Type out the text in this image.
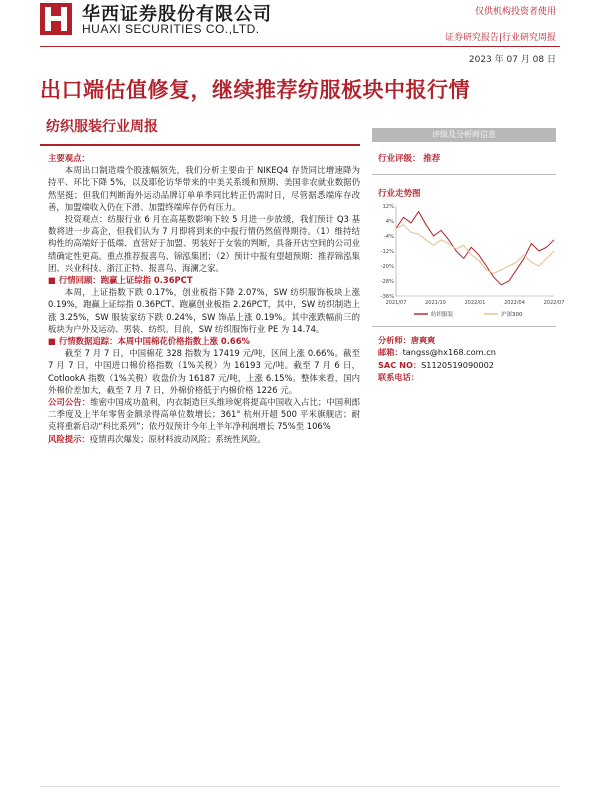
华西证券股份有限公司
HUAXI SECURITIES CO.,LTD.
仅供机构投资者使用
证券研究报告|行业研究周报
2023 年 07 月 08 日
出口端估值修复，继续推荐纺服板块中报行情
纺织服装行业周报

主要观点：

本周出口制造端个股涨幅领先，我们分析主要由于 NIKEQ4 存货同比增速降为持平、环比下降 5%，以及耶伦访华带来的中美关系缓和预期、美国非农就业数据仍然坚挺；但我们判断海外运动品牌订单单季同比转正仍需时日，尽管据悉端库存改善，加盟端收入仍在下滑、加盟终端库存仍有压力。

投资观点：纺服行业 6 月在高基数影响下较 5 月进一步放缓，我们预计 Q3 基数将进一步高企，但我们认为 7 月即将到来的中报行情仍然值得期待。（1）维持结构性的高端好于低端、直营好于加盟、男装好于女装的判断，具备开店空间的公司业绩确定性更高。重点推荐报喜鸟、锦泓集团；（2）预计中报有望超预期：推荐锦泓集团、兴业科技、浙江正特、报喜鸟、海澜之家。

■ 行情回顾：跑赢上证综指 0.36PCT

本周，上证指数下跌 0.17%，创业板指下降 2.07%，SW 纺织服饰板块上涨 0.19%，跑赢上证综指 0.36PCT、跑赢创业板指 2.26PCT，其中，SW 纺织制造上涨 3.25%，SW 服装家纺下跌 0.24%，SW 饰品上涨 0.19%。其中涨跌幅前三的板块为户外及运动、男装、纺织。目前，SW 纺织服饰行业 PE 为 14.74。

■ 行情数据追踪：本周中国棉花价格指数上涨 0.66%

截至 7 月 7 日，中国棉花 328 指数为 17419 元/吨，区间上涨 0.66%。截至 7 月 7 日，中国进口棉价格指数（1%关税）为 16193 元/吨。截至 7 月 6 日，CotlookA 指数（1%关税）收盘价为 16187 元/吨，上涨 6.15%。整体来看，国内外棉价差加大，截至 7 月 7 日，外棉价格低于内棉价格 1226 元。

公司公告：维密中国成功盈利，内衣制造巨头维珍妮将提高中国收入占比；中国利郎二季度及上半年零售金额录得高单位数增长；361° 杭州开超 500 平米旗舰店；耐克将重新启动“科比系列”；依丹奴预计今年上半年净利润增长 75%至 106%

风险提示：疫情再次爆发；原材料波动风险；系统性风险。

评级及分析师信息
行业评级： 推荐
行业走势图
12%
4%
-4%
-12%
-20%
-28%
-36%
2021/07	2021/10	2022/01	2022/04	2022/07
纺织服装	沪深300
分析师：唐爽爽
邮箱：tangss@hx168.com.cn
SAC NO：S1120519090002
联系电话：
